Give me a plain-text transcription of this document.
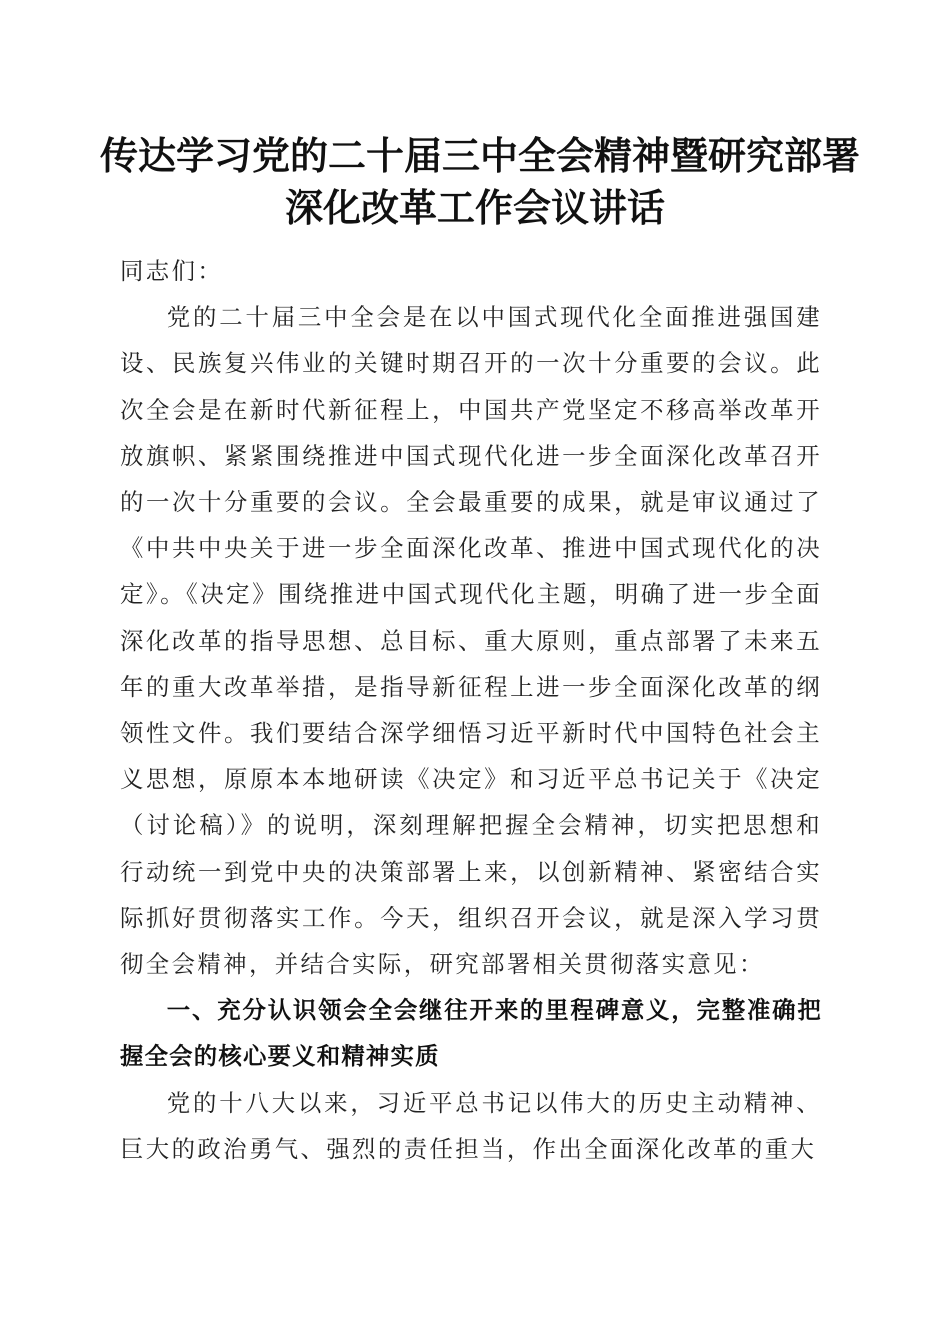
传达学习党的二十届三中全会精神暨研究部署
深化改革工作会议讲话

同志们：

党的二十届三中全会是在以中国式现代化全面推进强国建设、民族复兴伟业的关键时期召开的一次十分重要的会议。此次全会是在新时代新征程上，中国共产党坚定不移高举改革开放旗帜、紧紧围绕推进中国式现代化进一步全面深化改革召开的一次十分重要的会议。全会最重要的成果，就是审议通过了《中共中央关于进一步全面深化改革、推进中国式现代化的决定》。《决定》围绕推进中国式现代化主题，明确了进一步全面深化改革的指导思想、总目标、重大原则，重点部署了未来五年的重大改革举措，是指导新征程上进一步全面深化改革的纲领性文件。我们要结合深学细悟习近平新时代中国特色社会主义思想，原原本本地研读《决定》和习近平总书记关于《决定（讨论稿）》的说明，深刻理解把握全会精神，切实把思想和行动统一到党中央的决策部署上来，以创新精神、紧密结合实际抓好贯彻落实工作。今天，组织召开会议，就是深入学习贯彻全会精神，并结合实际，研究部署相关贯彻落实意见：

一、充分认识领会全会继往开来的里程碑意义，完整准确把握全会的核心要义和精神实质

党的十八大以来，习近平总书记以伟大的历史主动精神、巨大的政治勇气、强烈的责任担当，作出全面深化改革的重大
